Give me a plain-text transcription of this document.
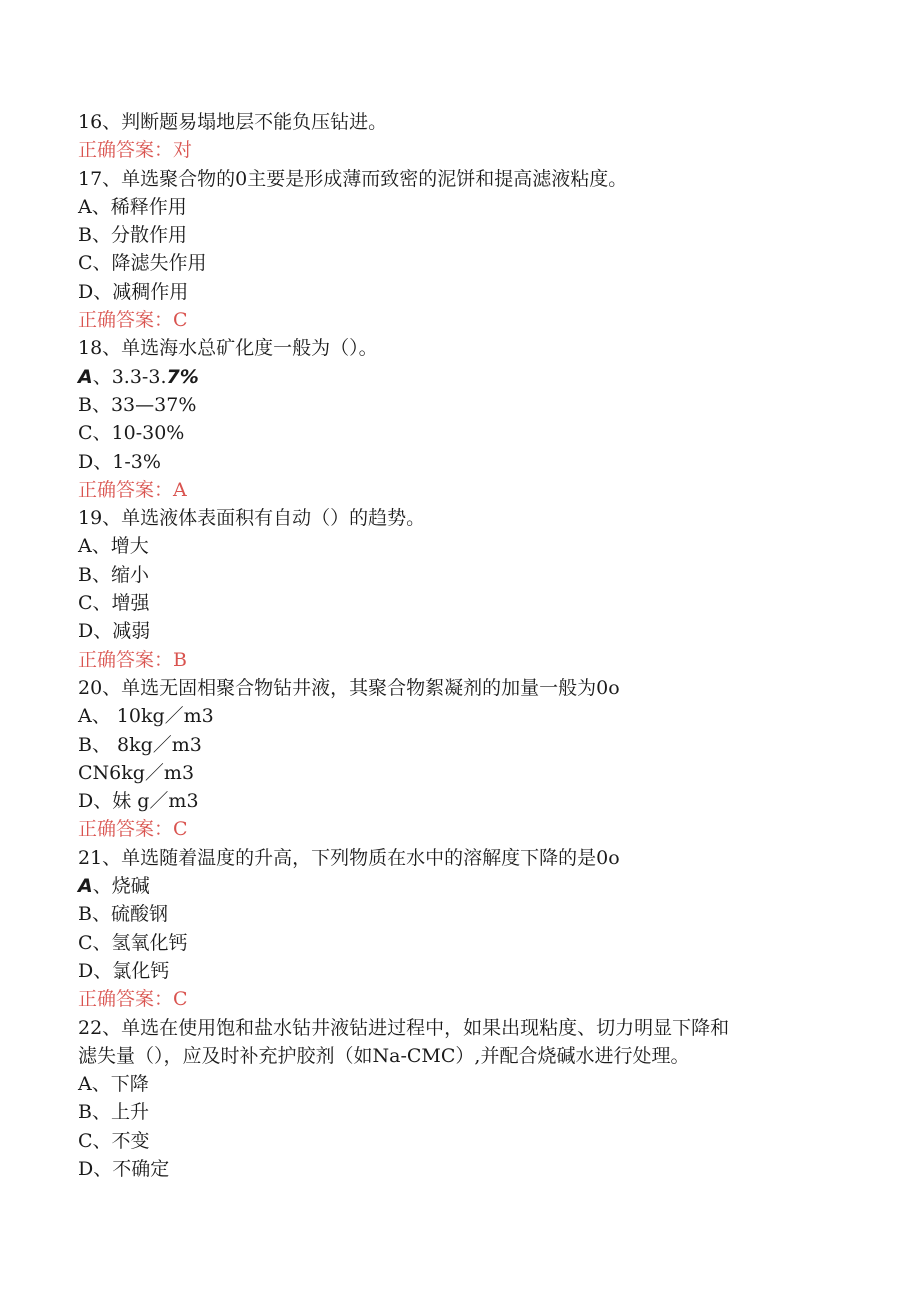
16、判断题易塌地层不能负压钻进。
正确答案：对
17、单选聚合物的0主要是形成薄而致密的泥饼和提高滤液粘度。
A、稀释作用
B、分散作用
C、降滤失作用
D、减稠作用
正确答案：C
18、单选海水总矿化度一般为（）。
A、3.3-3.7%
B、33—37%
C、10-30%
D、1-3%
正确答案：A
19、单选液体表面积有自动（）的趋势。
A、增大
B、缩小
C、增强
D、减弱
正确答案：B
20、单选无固相聚合物钻井液，其聚合物絮凝剂的加量一般为0o
A、 10kg／m3
B、 8kg／m3
CN6kg／m3
D、妹 g／m3
正确答案：C
21、单选随着温度的升高，下列物质在水中的溶解度下降的是0o
A、烧碱
B、硫酸钢
C、氢氧化钙
D、氯化钙
正确答案：C
22、单选在使用饱和盐水钻井液钻进过程中，如果出现粘度、切力明显下降和
滤失量（），应及时补充护胶剂（如Na-CMC）,并配合烧碱水进行处理。
A、下降
B、上升
C、不变
D、不确定
